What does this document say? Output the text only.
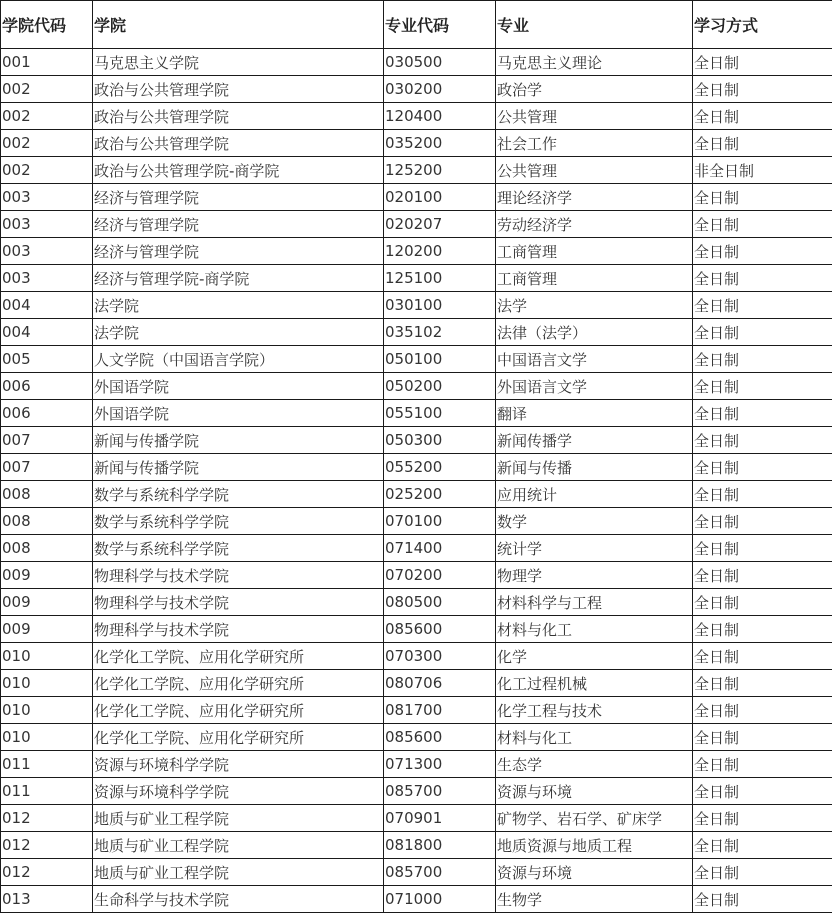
学院代码	学院	专业代码	专业	学习方式
001	马克思主义学院	030500	马克思主义理论	全日制
002	政治与公共管理学院	030200	政治学	全日制
002	政治与公共管理学院	120400	公共管理	全日制
002	政治与公共管理学院	035200	社会工作	全日制
002	政治与公共管理学院-商学院	125200	公共管理	非全日制
003	经济与管理学院	020100	理论经济学	全日制
003	经济与管理学院	020207	劳动经济学	全日制
003	经济与管理学院	120200	工商管理	全日制
003	经济与管理学院-商学院	125100	工商管理	全日制
004	法学院	030100	法学	全日制
004	法学院	035102	法律（法学）	全日制
005	人文学院（中国语言学院）	050100	中国语言文学	全日制
006	外国语学院	050200	外国语言文学	全日制
006	外国语学院	055100	翻译	全日制
007	新闻与传播学院	050300	新闻传播学	全日制
007	新闻与传播学院	055200	新闻与传播	全日制
008	数学与系统科学学院	025200	应用统计	全日制
008	数学与系统科学学院	070100	数学	全日制
008	数学与系统科学学院	071400	统计学	全日制
009	物理科学与技术学院	070200	物理学	全日制
009	物理科学与技术学院	080500	材料科学与工程	全日制
009	物理科学与技术学院	085600	材料与化工	全日制
010	化学化工学院、应用化学研究所	070300	化学	全日制
010	化学化工学院、应用化学研究所	080706	化工过程机械	全日制
010	化学化工学院、应用化学研究所	081700	化学工程与技术	全日制
010	化学化工学院、应用化学研究所	085600	材料与化工	全日制
011	资源与环境科学学院	071300	生态学	全日制
011	资源与环境科学学院	085700	资源与环境	全日制
012	地质与矿业工程学院	070901	矿物学、岩石学、矿床学	全日制
012	地质与矿业工程学院	081800	地质资源与地质工程	全日制
012	地质与矿业工程学院	085700	资源与环境	全日制
013	生命科学与技术学院	071000	生物学	全日制
